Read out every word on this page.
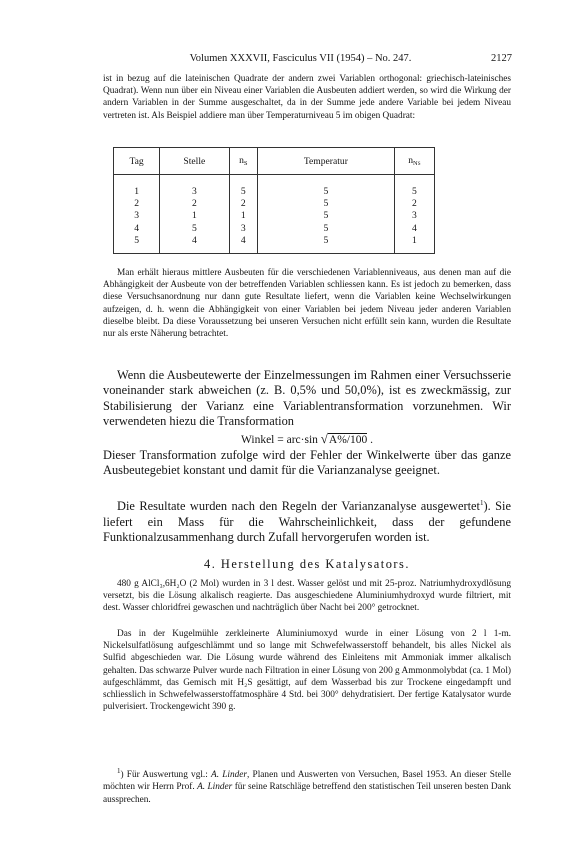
Volumen XXXVII, Fasciculus VII (1954) – No. 247.	2127

ist in bezug auf die lateinischen Quadrate der andern zwei Variablen orthogonal: griechisch-lateinisches Quadrat). Wenn nun über ein Niveau einer Variablen die Ausbeuten addiert werden, so wird die Wirkung der andern Variablen in der Summe ausgeschaltet, da in der Summe jede andere Variable bei jedem Niveau vertreten ist. Als Beispiel addiere man über Temperaturniveau 5 im obigen Quadrat:

Tag	Stelle	$n_S$	Temperatur	$n_{NS}$
1	3	5	5	5
2	2	2	5	2
3	1	1	5	3
4	5	3	5	4
5	4	4	5	1

Man erhält hieraus mittlere Ausbeuten für die verschiedenen Variablenniveaus, aus denen man auf die Abhängigkeit der Ausbeute von der betreffenden Variablen schliessen kann. Es ist jedoch zu bemerken, dass diese Versuchsanordnung nur dann gute Resultate liefert, wenn die Variablen keine Wechselwirkungen aufzeigen, d. h. wenn die Abhängigkeit von einer Variablen bei jedem Niveau jeder anderen Variablen dieselbe bleibt. Da diese Voraussetzung bei unseren Versuchen nicht erfüllt sein kann, wurden die Resultate nur als erste Näherung betrachtet.

Wenn die Ausbeutewerte der Einzelmessungen im Rahmen einer Versuchsserie voneinander stark abweichen (z. B. 0,5% und 50,0%), ist es zweckmässig, zur Stabilisierung der Varianz eine Variablentransformation vorzunehmen. Wir verwendeten hiezu die Transformation

Winkel = arc·sin √A%/100 .

Dieser Transformation zufolge wird der Fehler der Winkelwerte über das ganze Ausbeutegebiet konstant und damit für die Varianzanalyse geeignet.

Die Resultate wurden nach den Regeln der Varianzanalyse ausgewertet$^1$). Sie liefert ein Mass für die Wahrscheinlichkeit, dass der gefundene Funktionalzusammenhang durch Zufall hervorgerufen worden ist.

4. Herstellung des Katalysators.

480 g AlCl₃,6H₂O (2 Mol) wurden in 3 l dest. Wasser gelöst und mit 25-proz. Natriumhydroxydlösung versetzt, bis die Lösung alkalisch reagierte. Das ausgeschiedene Aluminiumhydroxyd wurde filtriert, mit dest. Wasser chloridfrei gewaschen und nachträglich über Nacht bei 200° getrocknet.

Das in der Kugelmühle zerkleinerte Aluminiumoxyd wurde in einer Lösung von 2 l 1-m. Nickelsulfatlösung aufgeschlämmt und so lange mit Schwefelwasserstoff behandelt, bis alles Nickel als Sulfid abgeschieden war. Die Lösung wurde während des Einleitens mit Ammoniak immer alkalisch gehalten. Das schwarze Pulver wurde nach Filtration in einer Lösung von 200 g Ammonmolybdat (ca. 1 Mol) aufgeschlämmt, das Gemisch mit H₂S gesättigt, auf dem Wasserbad bis zur Trockene eingedampft und schliesslich in Schwefelwasserstoffatmosphäre 4 Std. bei 300° dehydratisiert. Der fertige Katalysator wurde pulverisiert. Trockengewicht 390 g.

$^1$) Für Auswertung vgl.: A. Linder, Planen und Auswerten von Versuchen, Basel 1953. An dieser Stelle möchten wir Herrn Prof. A. Linder für seine Ratschläge betreffend den statistischen Teil unseren besten Dank aussprechen.
